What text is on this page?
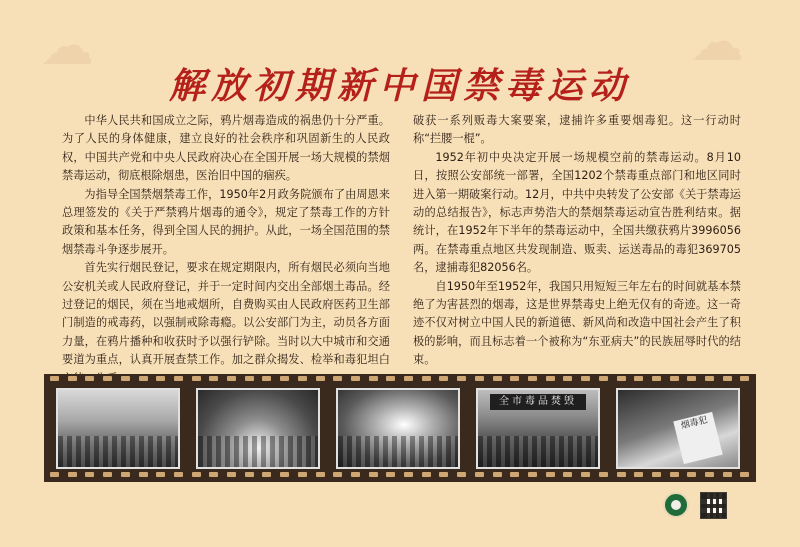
☁	☁
解放初期新中国禁毒运动

中华人民共和国成立之际，鸦片烟毒造成的祸患仍十分严重。为了人民的身体健康，建立良好的社会秩序和巩固新生的人民政权，中国共产党和中央人民政府决心在全国开展一场大规模的禁烟禁毒运动，彻底根除烟患，医治旧中国的痼疾。

为指导全国禁烟禁毒工作，1950年2月政务院颁布了由周恩来总理签发的《关于严禁鸦片烟毒的通令》，规定了禁毒工作的方针政策和基本任务，得到全国人民的拥护。从此，一场全国范围的禁烟禁毒斗争逐步展开。

首先实行烟民登记，要求在规定期限内，所有烟民必须向当地公安机关或人民政府登记，并于一定时间内交出全部烟土毒品。经过登记的烟民，须在当地戒烟所，自费购买由人民政府医药卫生部门制造的戒毒药，以强制戒除毒瘾。以公安部门为主，动员各方面力量，在鸦片播种和收获时予以强行铲除。当时以大中城市和交通要道为重点，认真开展查禁工作。加之群众揭发、检举和毒犯坦白

破获一系列贩毒大案要案，逮捕许多重要烟毒犯。这一行动时称“拦腰一棍”。

1952年初中央决定开展一场规模空前的禁毒运动。8月10日，按照公安部统一部署，全国1202个禁毒重点部门和地区同时进入第一期破案行动。12月，中共中央转发了公安部《关于禁毒运动的总结报告》，标志声势浩大的禁烟禁毒运动宣告胜利结束。据统计，在1952年下半年的禁毒运动中，全国共缴获鸦片3996056两。在禁毒重点地区共发现制造、贩卖、运送毒品的毒犯369705名，逮捕毒犯82056名。

自1950年至1952年，我国只用短短三年左右的时间就基本禁绝了为害甚烈的烟毒，这是世界禁毒史上绝无仅有的奇迹。这一奇迹不仅对树立中国人民的新道德、新风尚和改造中国社会产生了积极的影响，而且标志着一个被称为“东亚病夫”的民族屈辱时代的结束。

全市毒品焚毁
烟毒犯
